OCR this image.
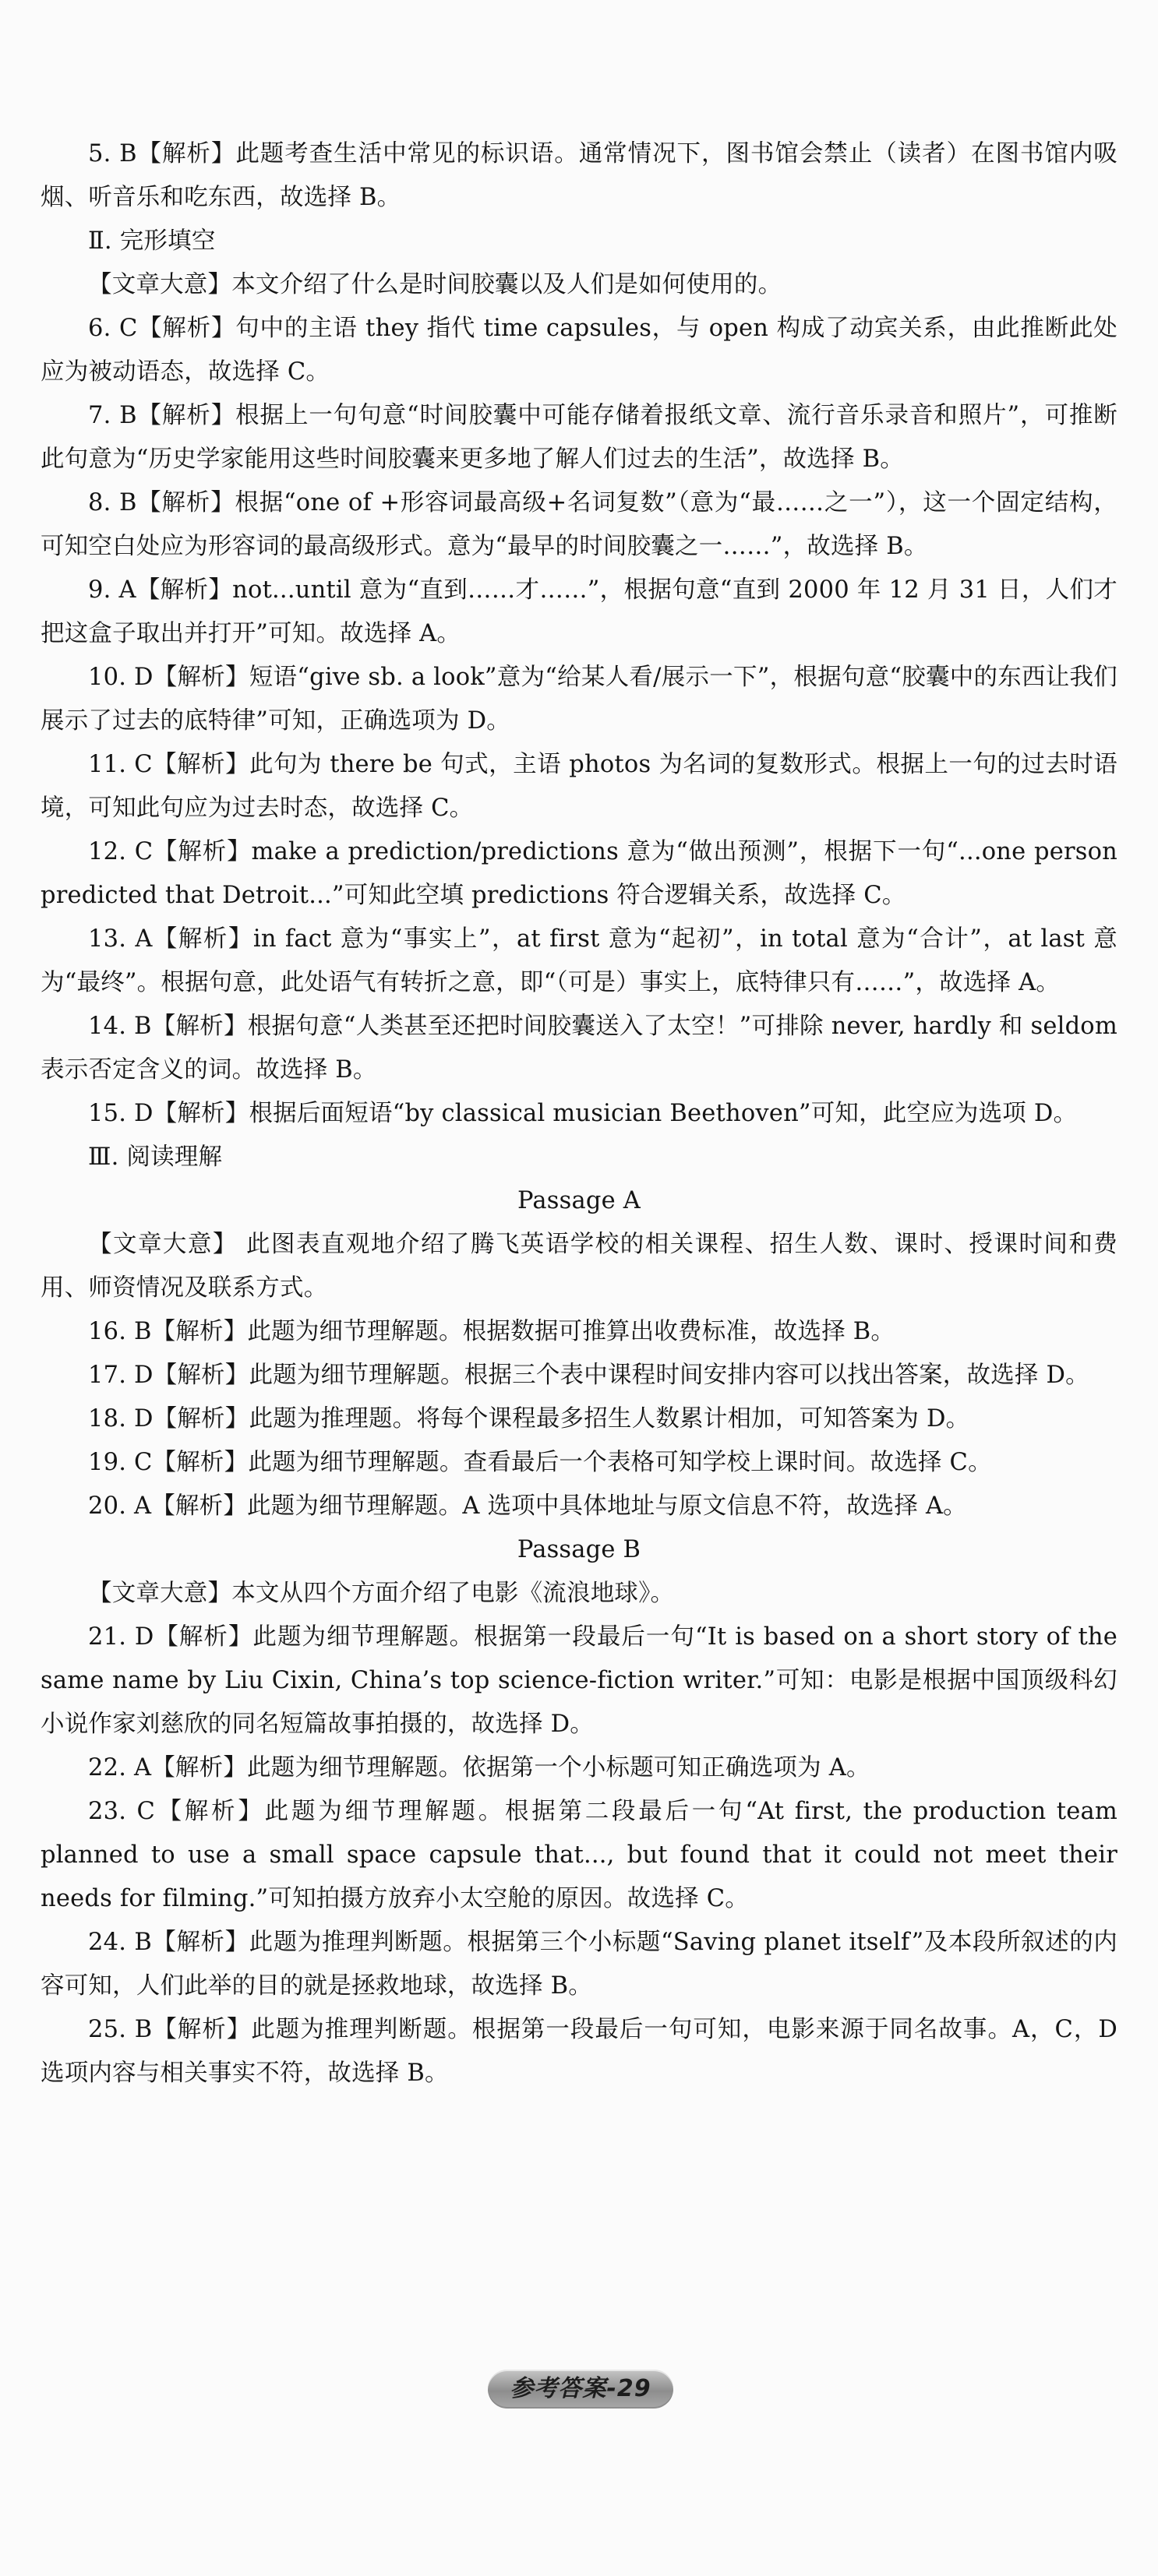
5. B【解析】此题考查生活中常见的标识语。通常情况下，图书馆会禁止（读者）在图书馆内吸烟、听音乐和吃东西，故选择 B。

Ⅱ. 完形填空

【文章大意】本文介绍了什么是时间胶囊以及人们是如何使用的。

6. C【解析】句中的主语 they 指代 time capsules，与 open 构成了动宾关系，由此推断此处应为被动语态，故选择 C。

7. B【解析】根据上一句句意“时间胶囊中可能存储着报纸文章、流行音乐录音和照片”，可推断此句意为“历史学家能用这些时间胶囊来更多地了解人们过去的生活”，故选择 B。

8. B【解析】根据“one of +形容词最高级+名词复数”（意为“最……之一”），这一个固定结构，可知空白处应为形容词的最高级形式。意为“最早的时间胶囊之一……”，故选择 B。

9. A【解析】not...until 意为“直到……才……”，根据句意“直到 2000 年 12 月 31 日，人们才把这盒子取出并打开”可知。故选择 A。

10. D【解析】短语“give sb. a look”意为“给某人看/展示一下”，根据句意“胶囊中的东西让我们展示了过去的底特律”可知，正确选项为 D。

11. C【解析】此句为 there be 句式，主语 photos 为名词的复数形式。根据上一句的过去时语境，可知此句应为过去时态，故选择 C。

12. C【解析】make a prediction/predictions 意为“做出预测”，根据下一句“...one person predicted that Detroit...”可知此空填 predictions 符合逻辑关系，故选择 C。

13. A【解析】in fact 意为“事实上”，at first 意为“起初”，in total 意为“合计”，at last 意为“最终”。根据句意，此处语气有转折之意，即“（可是）事实上，底特律只有……”，故选择 A。

14. B【解析】根据句意“人类甚至还把时间胶囊送入了太空！”可排除 never, hardly 和 seldom 表示否定含义的词。故选择 B。

15. D【解析】根据后面短语“by classical musician Beethoven”可知，此空应为选项 D。

Ⅲ. 阅读理解

Passage A

【文章大意】 此图表直观地介绍了腾飞英语学校的相关课程、招生人数、课时、授课时间和费用、师资情况及联系方式。

16. B【解析】此题为细节理解题。根据数据可推算出收费标准，故选择 B。

17. D【解析】此题为细节理解题。根据三个表中课程时间安排内容可以找出答案，故选择 D。

18. D【解析】此题为推理题。将每个课程最多招生人数累计相加，可知答案为 D。

19. C【解析】此题为细节理解题。查看最后一个表格可知学校上课时间。故选择 C。

20. A【解析】此题为细节理解题。A 选项中具体地址与原文信息不符，故选择 A。

Passage B

【文章大意】本文从四个方面介绍了电影《流浪地球》。

21. D【解析】此题为细节理解题。根据第一段最后一句“It is based on a short story of the same name by Liu Cixin, China’s top science-fiction writer.”可知：电影是根据中国顶级科幻小说作家刘慈欣的同名短篇故事拍摄的，故选择 D。

22. A【解析】此题为细节理解题。依据第一个小标题可知正确选项为 A。

23. C【解析】此题为细节理解题。根据第二段最后一句“At first, the production team planned to use a small space capsule that..., but found that it could not meet their needs for filming.”可知拍摄方放弃小太空舱的原因。故选择 C。

24. B【解析】此题为推理判断题。根据第三个小标题“Saving planet itself”及本段所叙述的内容可知，人们此举的目的就是拯救地球，故选择 B。

25. B【解析】此题为推理判断题。根据第一段最后一句可知，电影来源于同名故事。A，C，D 选项内容与相关事实不符，故选择 B。

参考答案-29
